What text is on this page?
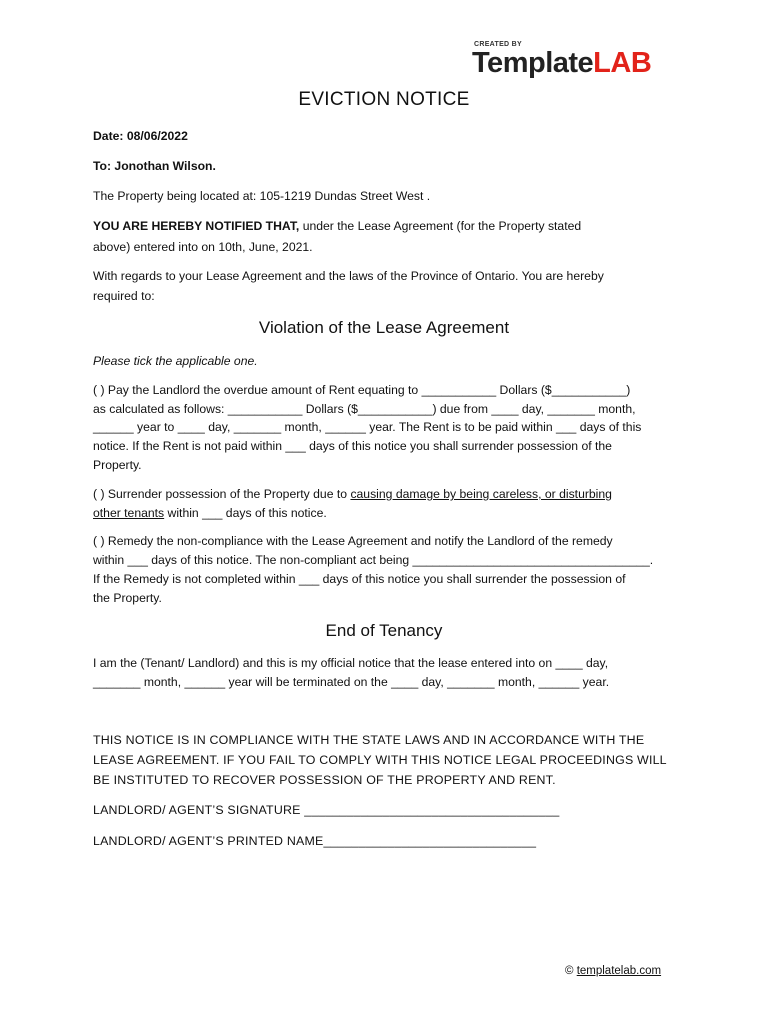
CREATED BY
TemplateLAB
EVICTION NOTICE
Date: 08/06/2022
To: Jonothan Wilson.
The Property being located at: 105-1219 Dundas Street West .
YOU ARE HEREBY NOTIFIED THAT, under the Lease Agreement (for the Property stated
above) entered into on 10th, June, 2021.
With regards to your Lease Agreement and the laws of the Province of Ontario. You are hereby
required to:
Violation of the Lease Agreement
Please tick the applicable one.
( ) Pay the Landlord the overdue amount of Rent equating to ___________ Dollars ($___________)
as calculated as follows: ___________ Dollars ($___________) due from ____ day, _______ month,
______ year to ____ day, _______ month, ______ year. The Rent is to be paid within ___ days of this
notice. If the Rent is not paid within ___ days of this notice you shall surrender possession of the
Property.
( ) Surrender possession of the Property due to causing damage by being careless, or disturbing
other tenants within ___ days of this notice.
( ) Remedy the non-compliance with the Lease Agreement and notify the Landlord of the remedy
within ___ days of this notice. The non-compliant act being ___________________________________.
If the Remedy is not completed within ___ days of this notice you shall surrender the possession of
the Property.
End of Tenancy
I am the (Tenant/ Landlord) and this is my official notice that the lease entered into on ____ day,
_______ month, ______ year will be terminated on the ____ day, _______ month, ______ year.
THIS NOTICE IS IN COMPLIANCE WITH THE STATE LAWS AND IN ACCORDANCE WITH THE
LEASE AGREEMENT. IF YOU FAIL TO COMPLY WITH THIS NOTICE LEGAL PROCEEDINGS WILL
BE INSTITUTED TO RECOVER POSSESSION OF THE PROPERTY AND RENT.
LANDLORD/ AGENT’S SIGNATURE ____________________________________
LANDLORD/ AGENT’S PRINTED NAME______________________________
© templatelab.com
